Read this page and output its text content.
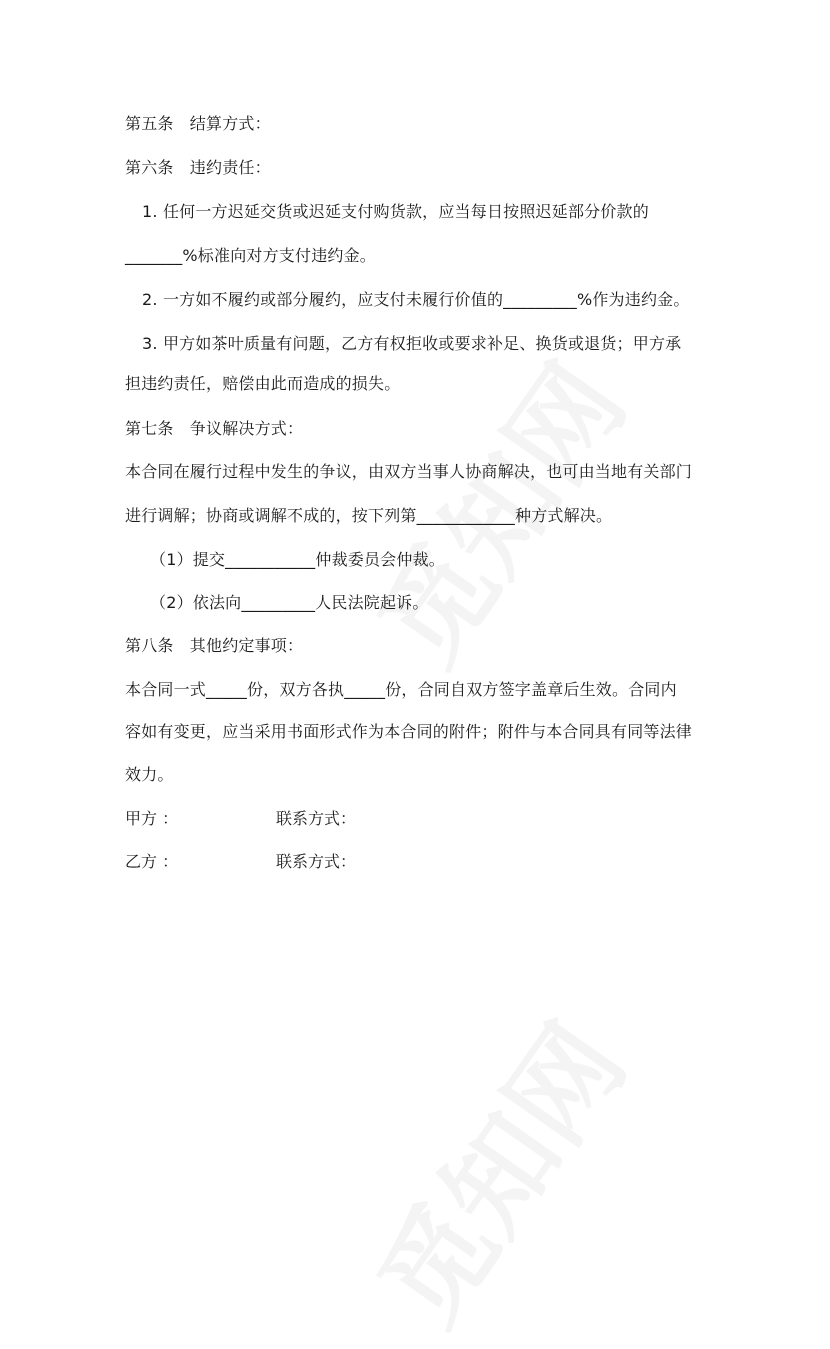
第五条　结算方式：
第六条　违约责任：
1. 任何一方迟延交货或迟延支付购货款，应当每日按照迟延部分价款的
_______%标准向对方支付违约金。
2. 一方如不履约或部分履约，应支付未履行价值的_________%作为违约金。
3. 甲方如茶叶质量有问题，乙方有权拒收或要求补足、换货或退货；甲方承
担违约责任，赔偿由此而造成的损失。
第七条　争议解决方式：
本合同在履行过程中发生的争议，由双方当事人协商解决，也可由当地有关部门
进行调解；协商或调解不成的，按下列第____________种方式解决。
（1）提交___________仲裁委员会仲裁。
（2）依法向_________人民法院起诉。
第八条　其他约定事项：
本合同一式_____份，双方各执_____份，合同自双方签字盖章后生效。合同内
容如有变更，应当采用书面形式作为本合同的附件；附件与本合同具有同等法律
效力。
甲方 ：	联系方式：
乙方 ：	联系方式：
